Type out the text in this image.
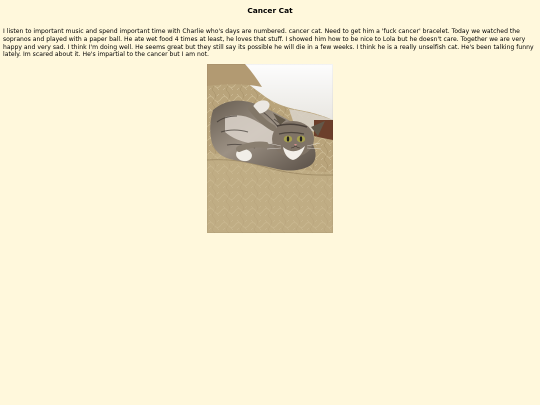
Cancer Cat

I listen to important music and spend important time with Charlie who's days are numbered. cancer cat. Need to get him a 'fuck cancer' bracelet. Today we watched the sopranos and played with a paper ball. He ate wet food 4 times at least, he loves that stuff. I showed him how to be nice to Lola but he doesn't care. Together we are very happy and very sad. I think I'm doing well. He seems great but they still say its possible he will die in a few weeks. I think he is a really unselfish cat. He's been talking funny lately. Im scared about it. He's impartial to the cancer but I am not.
